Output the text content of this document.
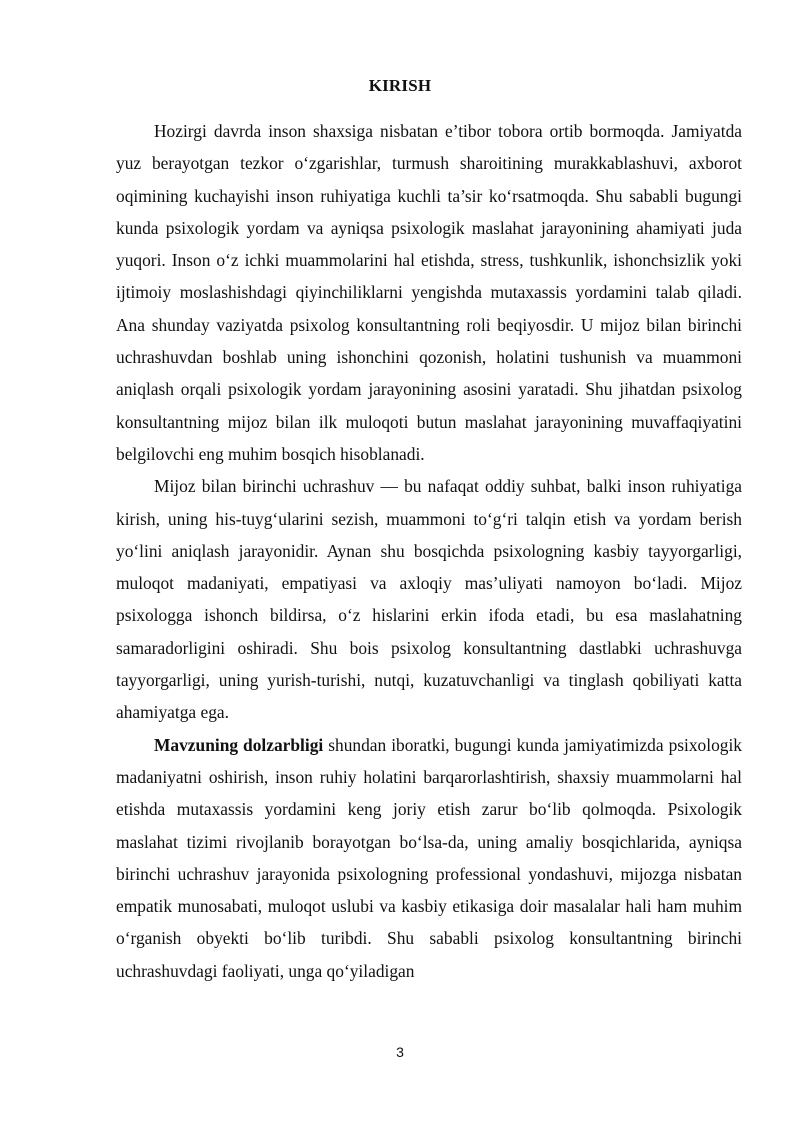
KIRISH

Hozirgi davrda inson shaxsiga nisbatan e’tibor tobora ortib bormoqda. Jamiyatda yuz berayotgan tezkor oʻzgarishlar, turmush sharoitining murakkablashuvi, axborot oqimining kuchayishi inson ruhiyatiga kuchli ta’sir koʻrsatmoqda. Shu sababli bugungi kunda psixologik yordam va ayniqsa psixologik maslahat jarayonining ahamiyati juda yuqori. Inson oʻz ichki muammolarini hal etishda, stress, tushkunlik, ishonchsizlik yoki ijtimoiy moslashishdagi qiyinchiliklarni yengishda mutaxassis yordamini talab qiladi. Ana shunday vaziyatda psixolog konsultantning roli beqiyosdir. U mijoz bilan birinchi uchrashuvdan boshlab uning ishonchini qozonish, holatini tushunish va muammoni aniqlash orqali psixologik yordam jarayonining asosini yaratadi. Shu jihatdan psixolog konsultantning mijoz bilan ilk muloqoti butun maslahat jarayonining muvaffaqiyatini belgilovchi eng muhim bosqich hisoblanadi.

Mijoz bilan birinchi uchrashuv — bu nafaqat oddiy suhbat, balki inson ruhiyatiga kirish, uning his-tuygʻularini sezish, muammoni toʻgʻri talqin etish va yordam berish yoʻlini aniqlash jarayonidir. Aynan shu bosqichda psixologning kasbiy tayyorgarligi, muloqot madaniyati, empatiyasi va axloqiy mas’uliyati namoyon boʻladi. Mijoz psixologga ishonch bildirsa, oʻz hislarini erkin ifoda etadi, bu esa maslahatning samaradorligini oshiradi. Shu bois psixolog konsultantning dastlabki uchrashuvga tayyorgarligi, uning yurish-turishi, nutqi, kuzatuvchanligi va tinglash qobiliyati katta ahamiyatga ega.

Mavzuning dolzarbligi shundan iboratki, bugungi kunda jamiyatimizda psixologik madaniyatni oshirish, inson ruhiy holatini barqarorlashtirish, shaxsiy muammolarni hal etishda mutaxassis yordamini keng joriy etish zarur boʻlib qolmoqda. Psixologik maslahat tizimi rivojlanib borayotgan boʻlsa-da, uning amaliy bosqichlarida, ayniqsa birinchi uchrashuv jarayonida psixologning professional yondashuvi, mijozga nisbatan empatik munosabati, muloqot uslubi va kasbiy etikasiga doir masalalar hali ham muhim oʻrganish obyekti boʻlib turibdi. Shu sababli psixolog konsultantning birinchi uchrashuvdagi faoliyati, unga qoʻyiladigan

3
